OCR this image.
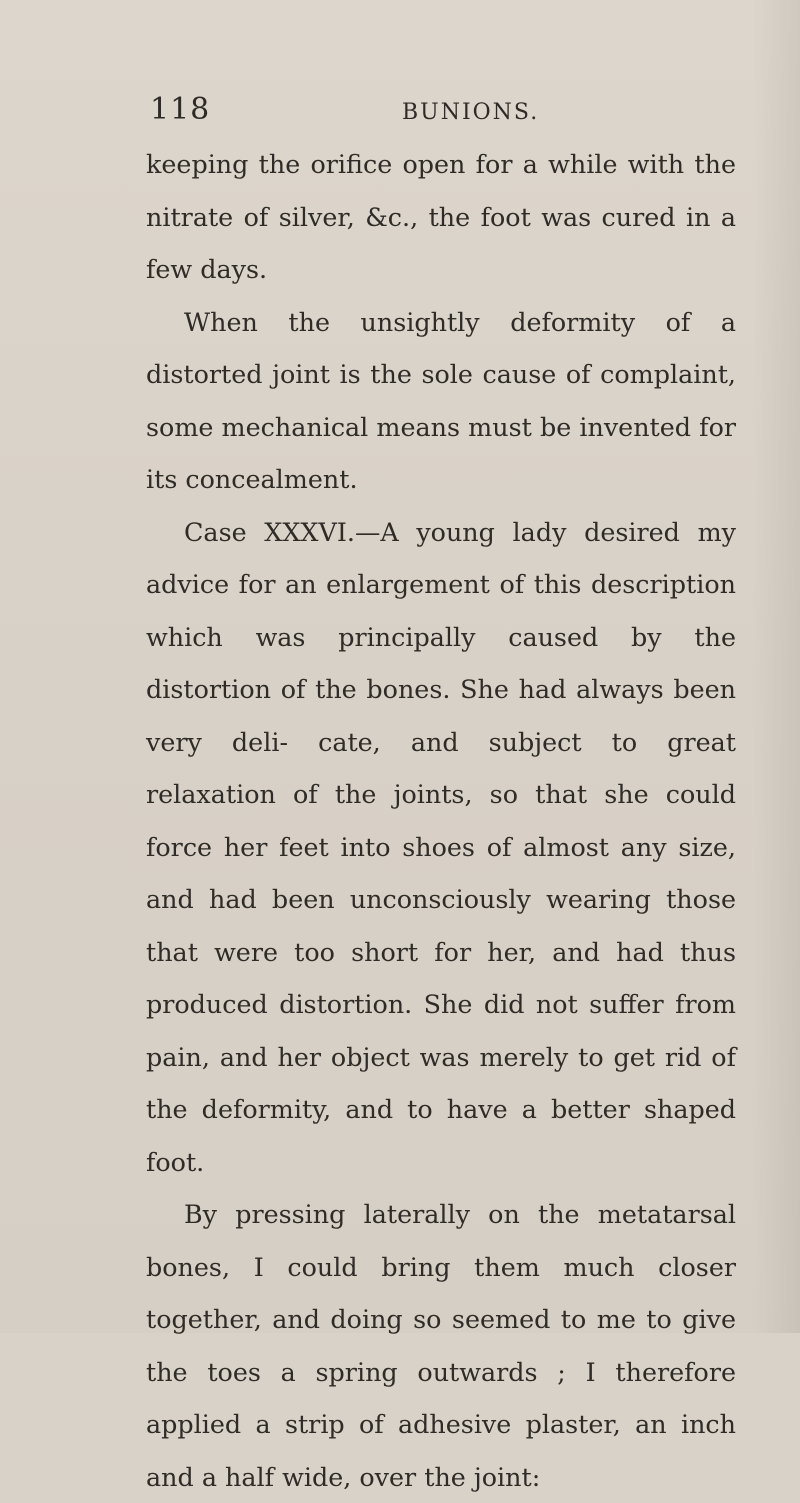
118	BUNIONS.

keeping the orifice open for a while with the nitrate of silver, &c., the foot was cured in a few days.

When the unsightly deformity of a distorted joint is the sole cause of complaint, some mechanical means must be invented for its concealment.

Case XXXVI.—A young lady desired my advice for an enlargement of this description which was principally caused by the distortion of the bones. She had always been very deli- cate, and subject to great relaxation of the joints, so that she could force her feet into shoes of almost any size, and had been unconsciously wearing those that were too short for her, and had thus produced distortion. She did not suffer from pain, and her object was merely to get rid of the deformity, and to have a better shaped foot.

By pressing laterally on the metatarsal bones, I could bring them much closer together, and doing so seemed to me to give the toes a spring outwards ; I therefore applied a strip of adhesive plaster, an inch and a half wide, over the joint:
